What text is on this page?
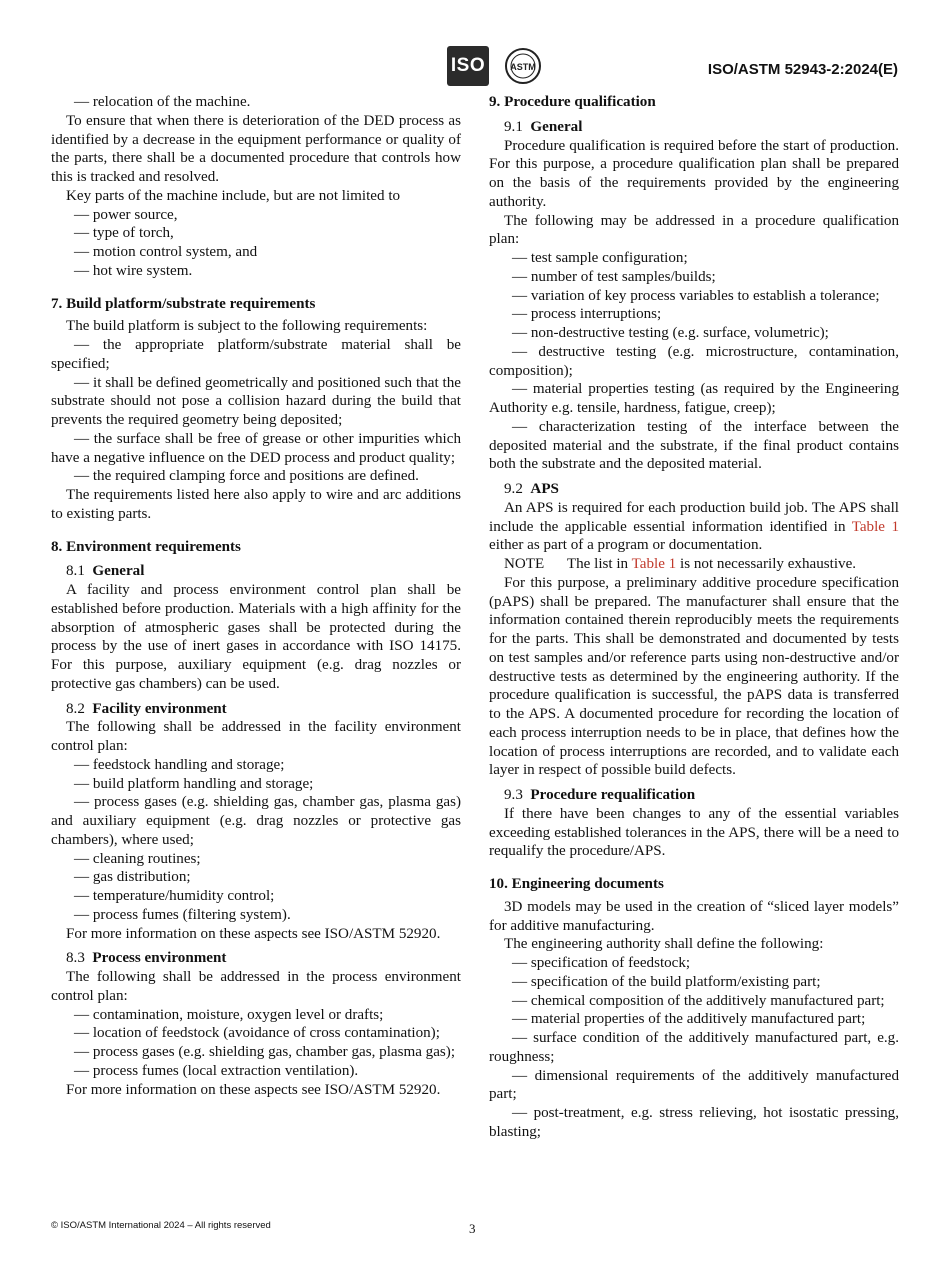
ISO	ASTM	ISO/ASTM 52943-2:2024(E)

— relocation of the machine.

To ensure that when there is deterioration of the DED process as identified by a decrease in the equipment performance or quality of the parts, there shall be a documented procedure that controls how this is tracked and resolved.

Key parts of the machine include, but are not limited to

— power source,

— type of torch,

— motion control system, and

— hot wire system.

7. Build platform/substrate requirements

The build platform is subject to the following requirements:

— the appropriate platform/substrate material shall be specified;

— it shall be defined geometrically and positioned such that the substrate should not pose a collision hazard during the build that prevents the required geometry being deposited;

— the surface shall be free of grease or other impurities which have a negative influence on the DED process and product quality;

— the required clamping force and positions are defined.

The requirements listed here also apply to wire and arc additions to existing parts.

8. Environment requirements

8.1 General

A facility and process environment control plan shall be established before production. Materials with a high affinity for the absorption of atmospheric gases shall be protected during the process by the use of inert gases in accordance with ISO 14175. For this purpose, auxiliary equipment (e.g. drag nozzles or protective gas chambers) can be used.

8.2 Facility environment

The following shall be addressed in the facility environment control plan:

— feedstock handling and storage;

— build platform handling and storage;

— process gases (e.g. shielding gas, chamber gas, plasma gas) and auxiliary equipment (e.g. drag nozzles or protective gas chambers), where used;

— cleaning routines;

— gas distribution;

— temperature/humidity control;

— process fumes (filtering system).

For more information on these aspects see ISO/ASTM 52920.

8.3 Process environment

The following shall be addressed in the process environment control plan:

— contamination, moisture, oxygen level or drafts;

— location of feedstock (avoidance of cross contamination);

— process gases (e.g. shielding gas, chamber gas, plasma gas);

— process fumes (local extraction ventilation).

For more information on these aspects see ISO/ASTM 52920.

9. Procedure qualification

9.1 General

Procedure qualification is required before the start of production. For this purpose, a procedure qualification plan shall be prepared on the basis of the requirements provided by the engineering authority.

The following may be addressed in a procedure qualification plan:

— test sample configuration;

— number of test samples/builds;

— variation of key process variables to establish a tolerance;

— process interruptions;

— non-destructive testing (e.g. surface, volumetric);

— destructive testing (e.g. microstructure, contamination, composition);

— material properties testing (as required by the Engineering Authority e.g. tensile, hardness, fatigue, creep);

— characterization testing of the interface between the deposited material and the substrate, if the final product contains both the substrate and the deposited material.

9.2 APS

An APS is required for each production build job. The APS shall include the applicable essential information identified in Table 1 either as part of a program or documentation.

NOTE The list in Table 1 is not necessarily exhaustive.

For this purpose, a preliminary additive procedure specification (pAPS) shall be prepared. The manufacturer shall ensure that the information contained therein reproducibly meets the requirements for the parts. This shall be demonstrated and documented by tests on test samples and/or reference parts using non-destructive and/or destructive tests as determined by the engineering authority. If the procedure qualification is successful, the pAPS data is transferred to the APS. A documented procedure for recording the location of each process interruption needs to be in place, that defines how the location of process interruptions are recorded, and to validate each layer in respect of possible build defects.

9.3 Procedure requalification

If there have been changes to any of the essential variables exceeding established tolerances in the APS, there will be a need to requalify the procedure/APS.

10. Engineering documents

3D models may be used in the creation of “sliced layer models” for additive manufacturing.

The engineering authority shall define the following:

— specification of feedstock;

— specification of the build platform/existing part;

— chemical composition of the additively manufactured part;

— material properties of the additively manufactured part;

— surface condition of the additively manufactured part, e.g. roughness;

— dimensional requirements of the additively manufactured part;

— post-treatment, e.g. stress relieving, hot isostatic pressing, blasting;

© ISO/ASTM International 2024 – All rights reserved	3
